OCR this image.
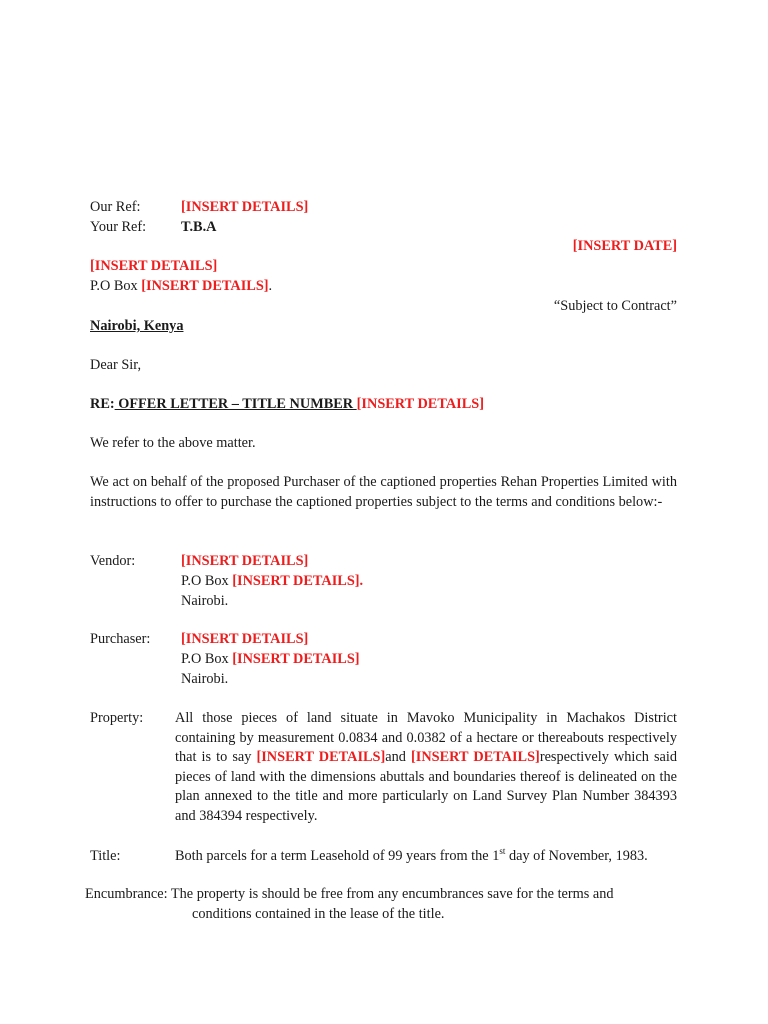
Our Ref:	[INSERT DETAILS]
Your Ref: T.B.A
[INSERT DATE]
[INSERT DETAILS]
P.O Box [INSERT DETAILS].
“Subject to Contract”
Nairobi, Kenya
Dear Sir,
RE: OFFER LETTER – TITLE NUMBER [INSERT DETAILS]
We refer to the above matter.
We act on behalf of the proposed Purchaser of the captioned properties Rehan Properties Limited with instructions to offer to purchase the captioned properties subject to the terms and conditions below:-
Vendor:	[INSERT DETAILS]
P.O Box [INSERT DETAILS].
Nairobi.
Purchaser: [INSERT DETAILS]
P.O Box [INSERT DETAILS]
Nairobi.
Property: All those pieces of land situate in Mavoko Municipality in Machakos District containing by measurement 0.0834 and 0.0382 of a hectare or thereabouts respectively that is to say [INSERT DETAILS]and [INSERT DETAILS]respectively which said pieces of land with the dimensions abuttals and boundaries thereof is delineated on the plan annexed to the title and more particularly on Land Survey Plan Number 384393 and 384394 respectively.
Title:	Both parcels for a term Leasehold of 99 years from the 1st day of November, 1983.
Encumbrance: The property is should be free from any encumbrances save for the terms and
conditions contained in the lease of the title.
